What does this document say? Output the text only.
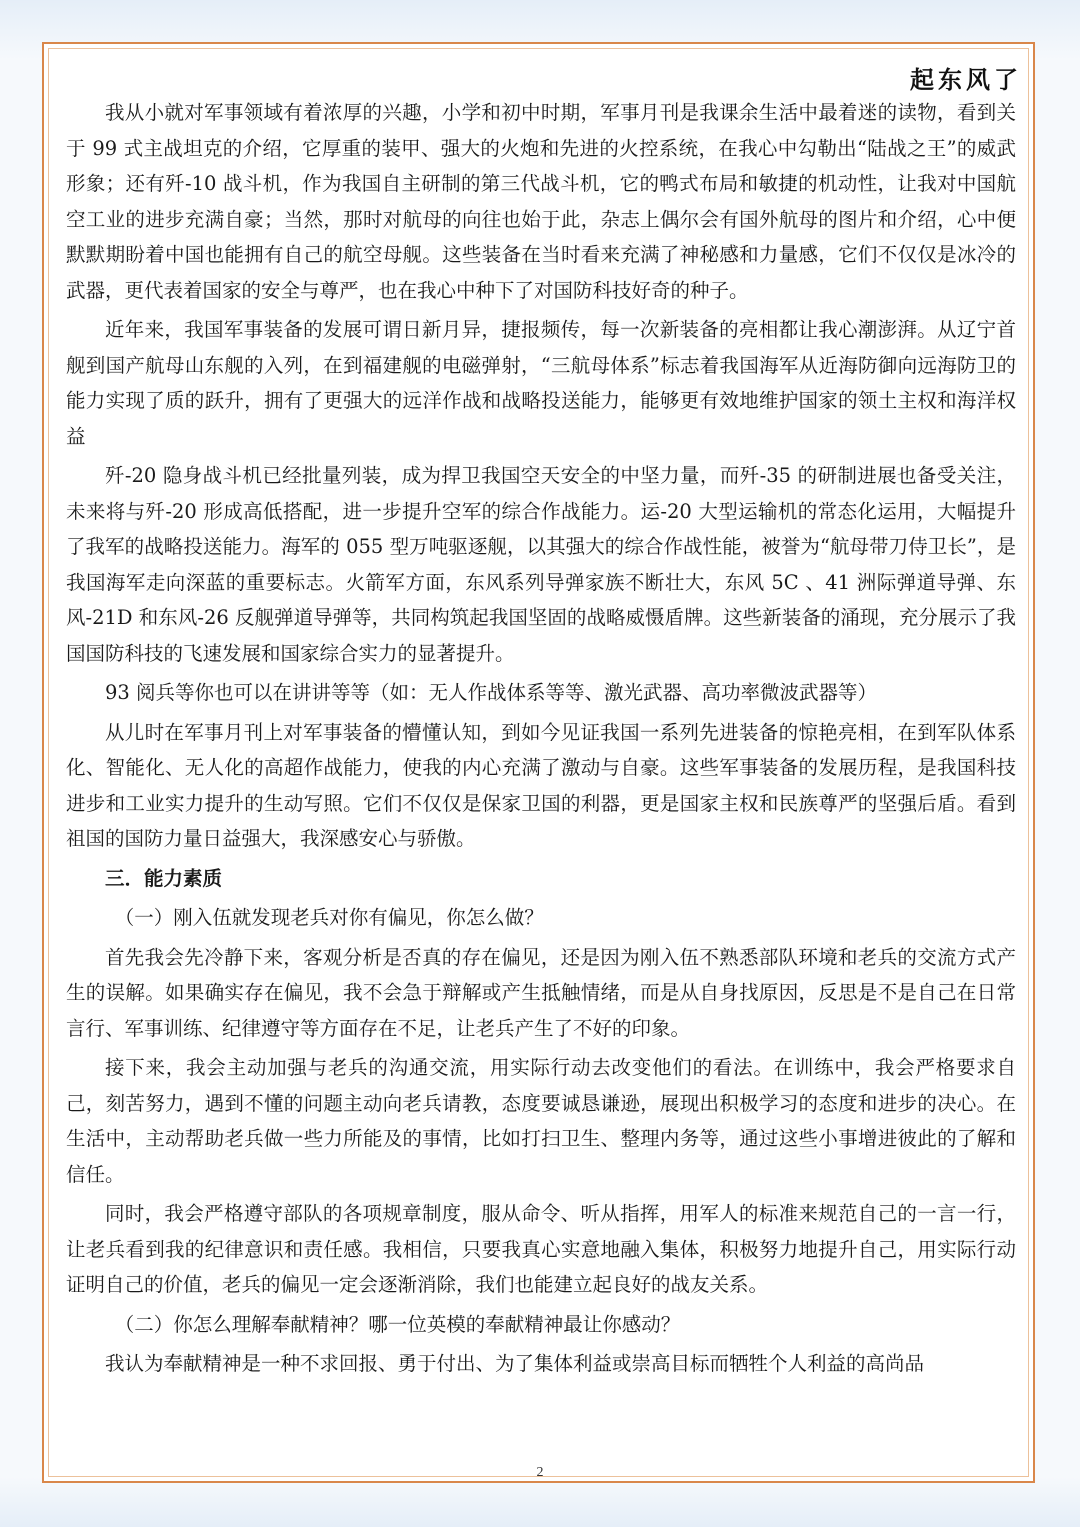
起东风了

我从小就对军事领域有着浓厚的兴趣，小学和初中时期，军事月刊是我课余生活中最着迷的读物，看到关于 99 式主战坦克的介绍，它厚重的装甲、强大的火炮和先进的火控系统，在我心中勾勒出“陆战之王”的威武形象；还有歼-10 战斗机，作为我国自主研制的第三代战斗机，它的鸭式布局和敏捷的机动性，让我对中国航空工业的进步充满自豪；当然，那时对航母的向往也始于此，杂志上偶尔会有国外航母的图片和介绍，心中便默默期盼着中国也能拥有自己的航空母舰。这些装备在当时看来充满了神秘感和力量感，它们不仅仅是冰冷的武器，更代表着国家的安全与尊严，也在我心中种下了对国防科技好奇的种子。

近年来，我国军事装备的发展可谓日新月异，捷报频传，每一次新装备的亮相都让我心潮澎湃。从辽宁首舰到国产航母山东舰的入列，在到福建舰的电磁弹射，“三航母体系”标志着我国海军从近海防御向远海防卫的能力实现了质的跃升，拥有了更强大的远洋作战和战略投送能力，能够更有效地维护国家的领土主权和海洋权益

歼-20 隐身战斗机已经批量列装，成为捍卫我国空天安全的中坚力量，而歼-35 的研制进展也备受关注，未来将与歼-20 形成高低搭配，进一步提升空军的综合作战能力。运-20 大型运输机的常态化运用，大幅提升了我军的战略投送能力。海军的 055 型万吨驱逐舰，以其强大的综合作战性能，被誉为“航母带刀侍卫长”，是我国海军走向深蓝的重要标志。火箭军方面，东风系列导弹家族不断壮大，东风 5C 、41 洲际弹道导弹、东风-21D 和东风-26 反舰弹道导弹等，共同构筑起我国坚固的战略威慑盾牌。这些新装备的涌现，充分展示了我国国防科技的飞速发展和国家综合实力的显著提升。

93 阅兵等你也可以在讲讲等等（如：无人作战体系等等、激光武器、高功率微波武器等）

从儿时在军事月刊上对军事装备的懵懂认知，到如今见证我国一系列先进装备的惊艳亮相，在到军队体系化、智能化、无人化的高超作战能力，使我的内心充满了激动与自豪。这些军事装备的发展历程，是我国科技进步和工业实力提升的生动写照。它们不仅仅是保家卫国的利器，更是国家主权和民族尊严的坚强后盾。看到祖国的国防力量日益强大，我深感安心与骄傲。

三．能力素质

（一）刚入伍就发现老兵对你有偏见，你怎么做？

首先我会先冷静下来，客观分析是否真的存在偏见，还是因为刚入伍不熟悉部队环境和老兵的交流方式产生的误解。如果确实存在偏见，我不会急于辩解或产生抵触情绪，而是从自身找原因，反思是不是自己在日常言行、军事训练、纪律遵守等方面存在不足，让老兵产生了不好的印象。

接下来，我会主动加强与老兵的沟通交流，用实际行动去改变他们的看法。在训练中，我会严格要求自己，刻苦努力，遇到不懂的问题主动向老兵请教，态度要诚恳谦逊，展现出积极学习的态度和进步的决心。在生活中，主动帮助老兵做一些力所能及的事情，比如打扫卫生、整理内务等，通过这些小事增进彼此的了解和信任。

同时，我会严格遵守部队的各项规章制度，服从命令、听从指挥，用军人的标准来规范自己的一言一行，让老兵看到我的纪律意识和责任感。我相信，只要我真心实意地融入集体，积极努力地提升自己，用实际行动证明自己的价值，老兵的偏见一定会逐渐消除，我们也能建立起良好的战友关系。

（二）你怎么理解奉献精神？哪一位英模的奉献精神最让你感动？

我认为奉献精神是一种不求回报、勇于付出、为了集体利益或崇高目标而牺牲个人利益的高尚品

2
